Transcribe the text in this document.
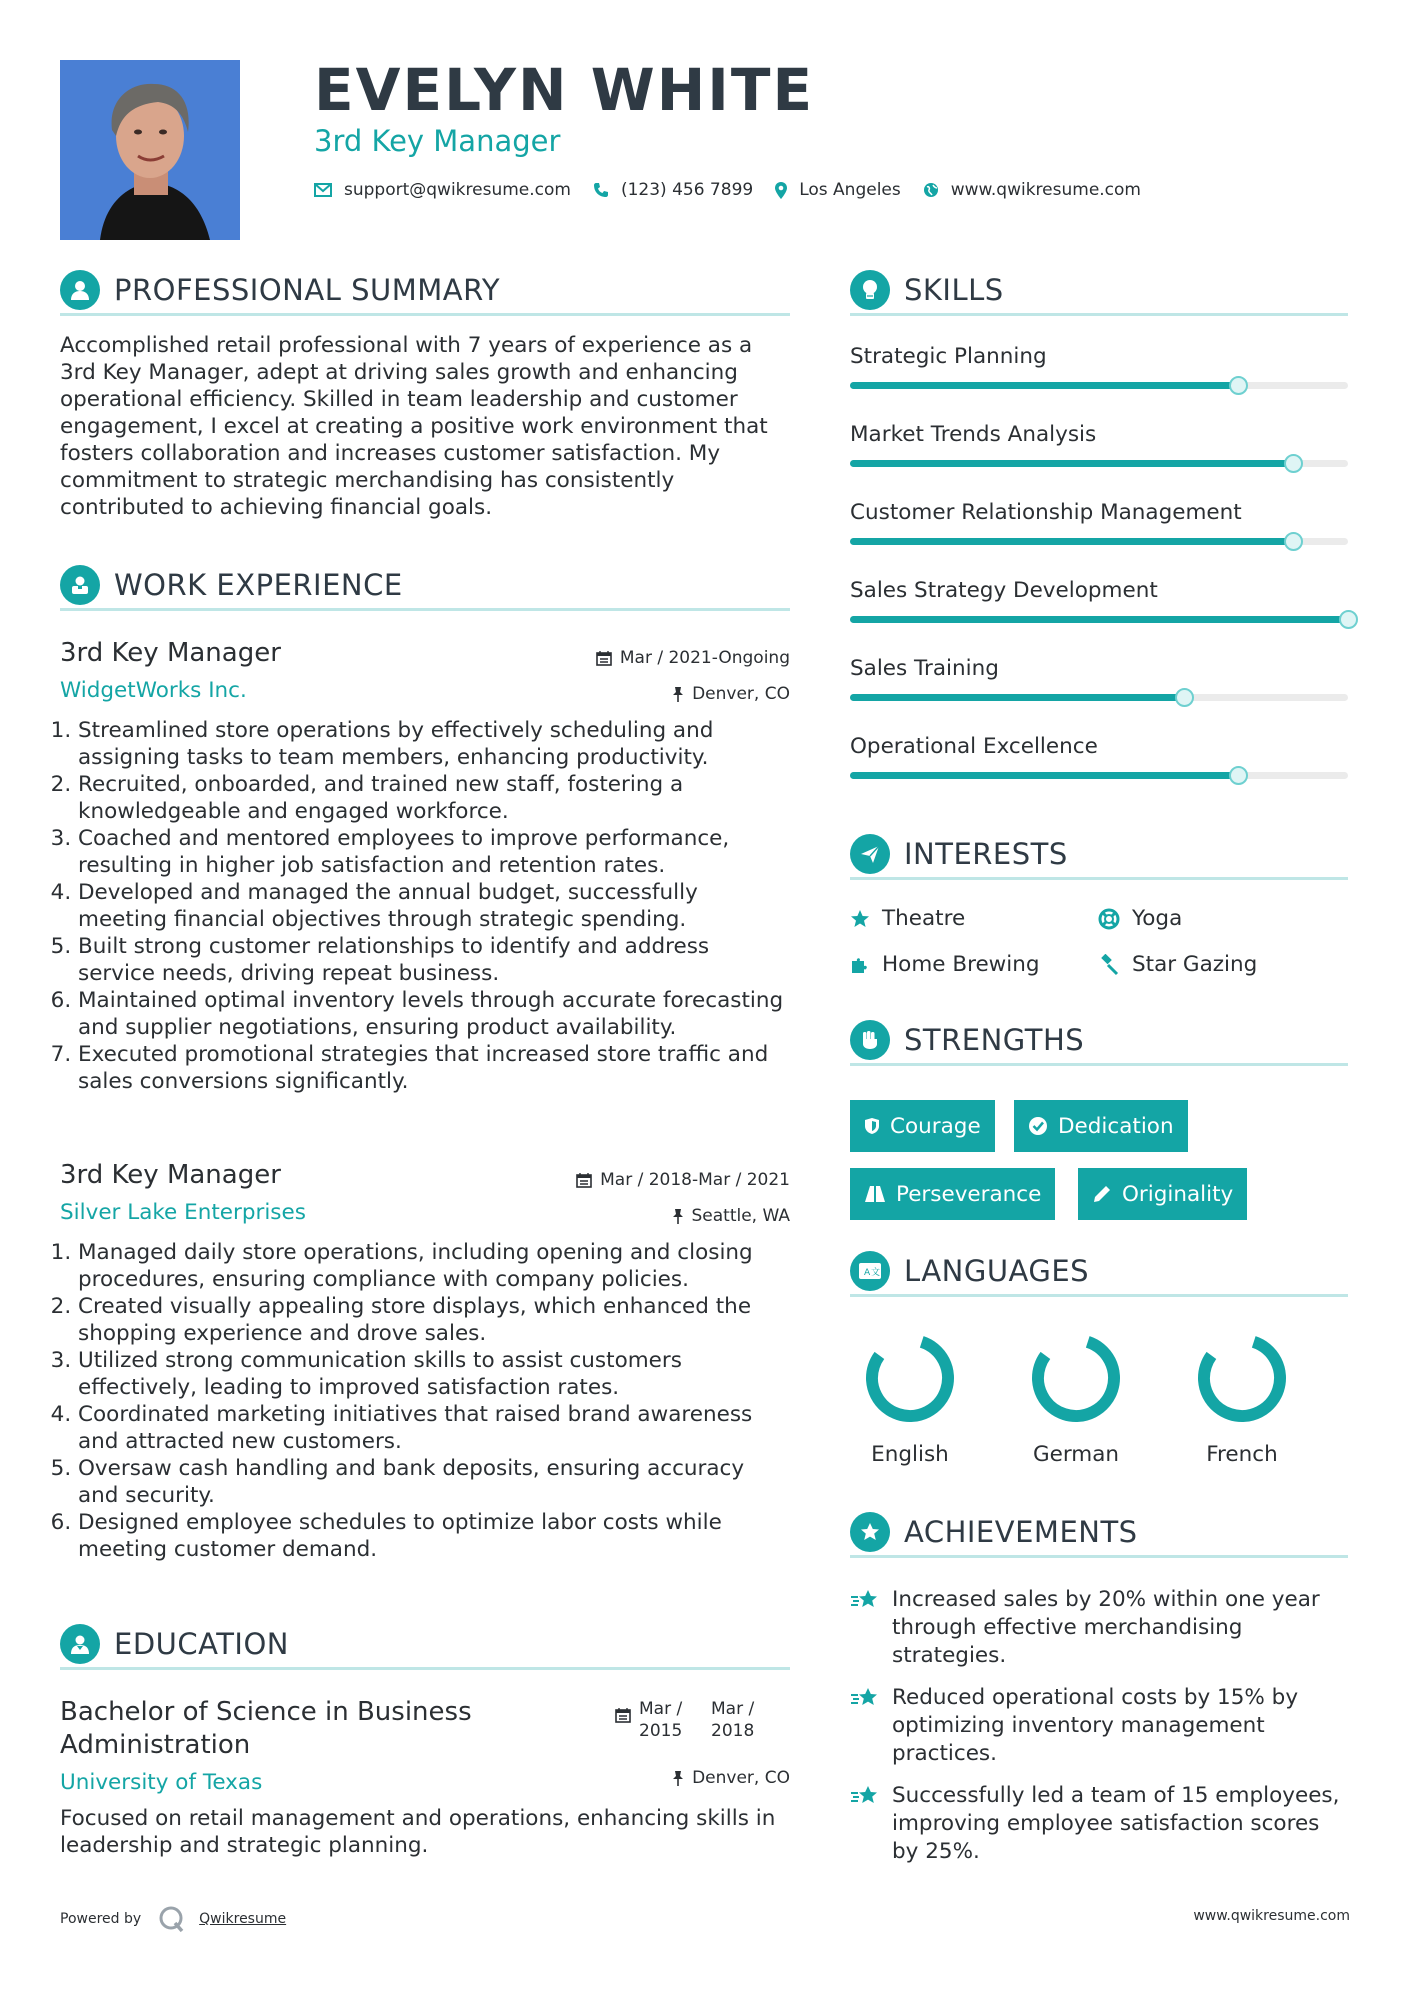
EVELYN WHITE
3rd Key Manager
support@qwikresume.com	(123) 456 7899	Los Angeles	www.qwikresume.com
PROFESSIONAL SUMMARY

Accomplished retail professional with 7 years of experience as a 3rd Key Manager, adept at driving sales growth and enhancing operational efficiency. Skilled in team leadership and customer engagement, I excel at creating a positive work environment that fosters collaboration and increases customer satisfaction. My commitment to strategic merchandising has consistently contributed to achieving financial goals.

WORK EXPERIENCE
3rd Key Manager
WidgetWorks Inc.
Mar / 2021-Ongoing
Denver, CO
1. Streamlined store operations by effectively scheduling and assigning tasks to team members, enhancing productivity.
2. Recruited, onboarded, and trained new staff, fostering a knowledgeable and engaged workforce.
3. Coached and mentored employees to improve performance, resulting in higher job satisfaction and retention rates.
4. Developed and managed the annual budget, successfully meeting financial objectives through strategic spending.
5. Built strong customer relationships to identify and address service needs, driving repeat business.
6. Maintained optimal inventory levels through accurate forecasting and supplier negotiations, ensuring product availability.
7. Executed promotional strategies that increased store traffic and sales conversions significantly.
3rd Key Manager
Silver Lake Enterprises
Mar / 2018-Mar / 2021
Seattle, WA
1. Managed daily store operations, including opening and closing procedures, ensuring compliance with company policies.
2. Created visually appealing store displays, which enhanced the shopping experience and drove sales.
3. Utilized strong communication skills to assist customers effectively, leading to improved satisfaction rates.
4. Coordinated marketing initiatives that raised brand awareness and attracted new customers.
5. Oversaw cash handling and bank deposits, ensuring accuracy and security.
6. Designed employee schedules to optimize labor costs while meeting customer demand.
EDUCATION
Bachelor of Science in Business Administration
Mar / 2015

Mar / 2018
University of Texas	Denver, CO

Focused on retail management and operations, enhancing skills in leadership and strategic planning.

SKILLS
Strategic Planning
Market Trends Analysis
Customer Relationship Management
Sales Strategy Development
Sales Training
Operational Excellence
INTERESTS
Theatre	Yoga
Home Brewing	Star Gazing
STRENGTHS
Courage	Dedication
Perseverance	Originality
A 文 LANGUAGES
English	German	French
ACHIEVEMENTS
Increased sales by 20% within one year through effective merchandising strategies.
Reduced operational costs by 15% by optimizing inventory management practices.
Successfully led a team of 15 employees, improving employee satisfaction scores by 25%.
Powered by	Qwikresume	www.qwikresume.com
